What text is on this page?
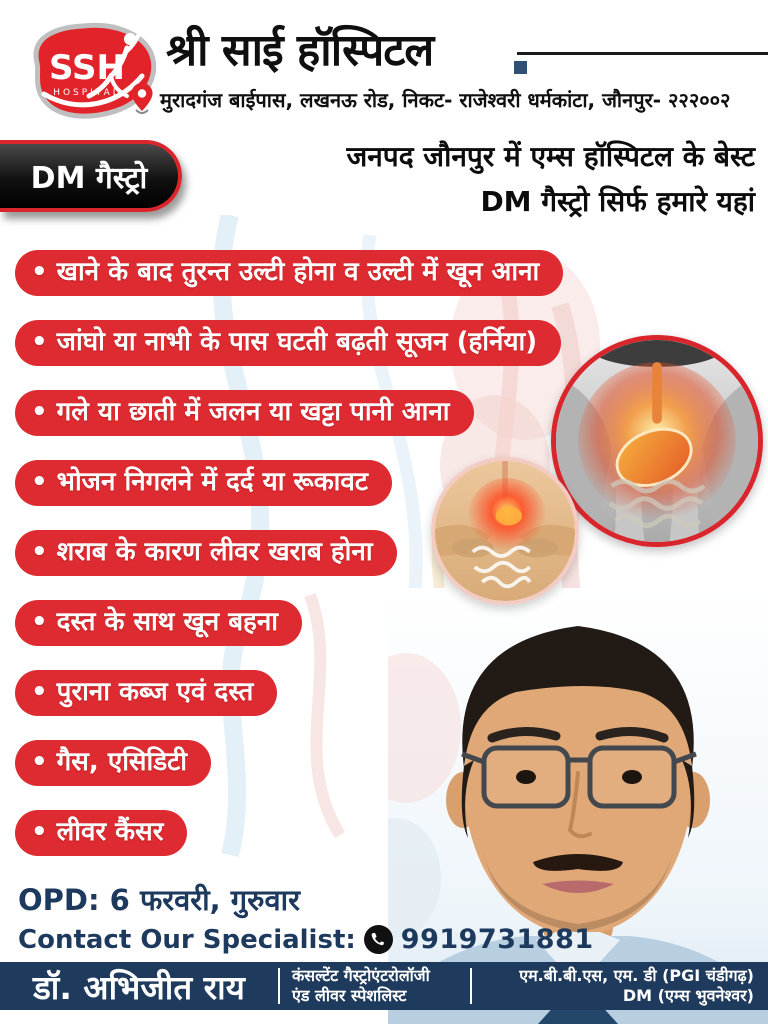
SSH
HOSPITAL
श्री साई हॉस्पिटल
मुरादगंज बाईपास, लखनऊ रोड, निकट- राजेश्वरी धर्मकांटा, जौनपुर- २२२००२
DM गैस्ट्रो
जनपद जौनपुर में एम्स हॉस्पिटल के बेस्ट
DM गैस्ट्रो सिर्फ हमारे यहां
• खाने के बाद तुरन्त उल्टी होना व उल्टी में खून आना
• जांघो या नाभी के पास घटती बढ़ती सूजन (हर्निया)
• गले या छाती में जलन या खट्टा पानी आना
• भोजन निगलने में दर्द या रूकावट
• शराब के कारण लीवर खराब होना
• दस्त के साथ खून बहना
• पुराना कब्ज एवं दस्त
• गैस, एसिडिटी
• लीवर कैंसर
OPD: 6 फरवरी, गुरुवार
Contact Our Specialist: 9919731881
डॉ. अभिजीत राय	कंसल्टेंट गैस्ट्रोएंटरोलॉजी
एंड लीवर स्पेशलिस्ट
एम.बी.बी.एस, एम. डी (PGI चंडीगढ़)
DM (एम्स भुवनेश्वर)
